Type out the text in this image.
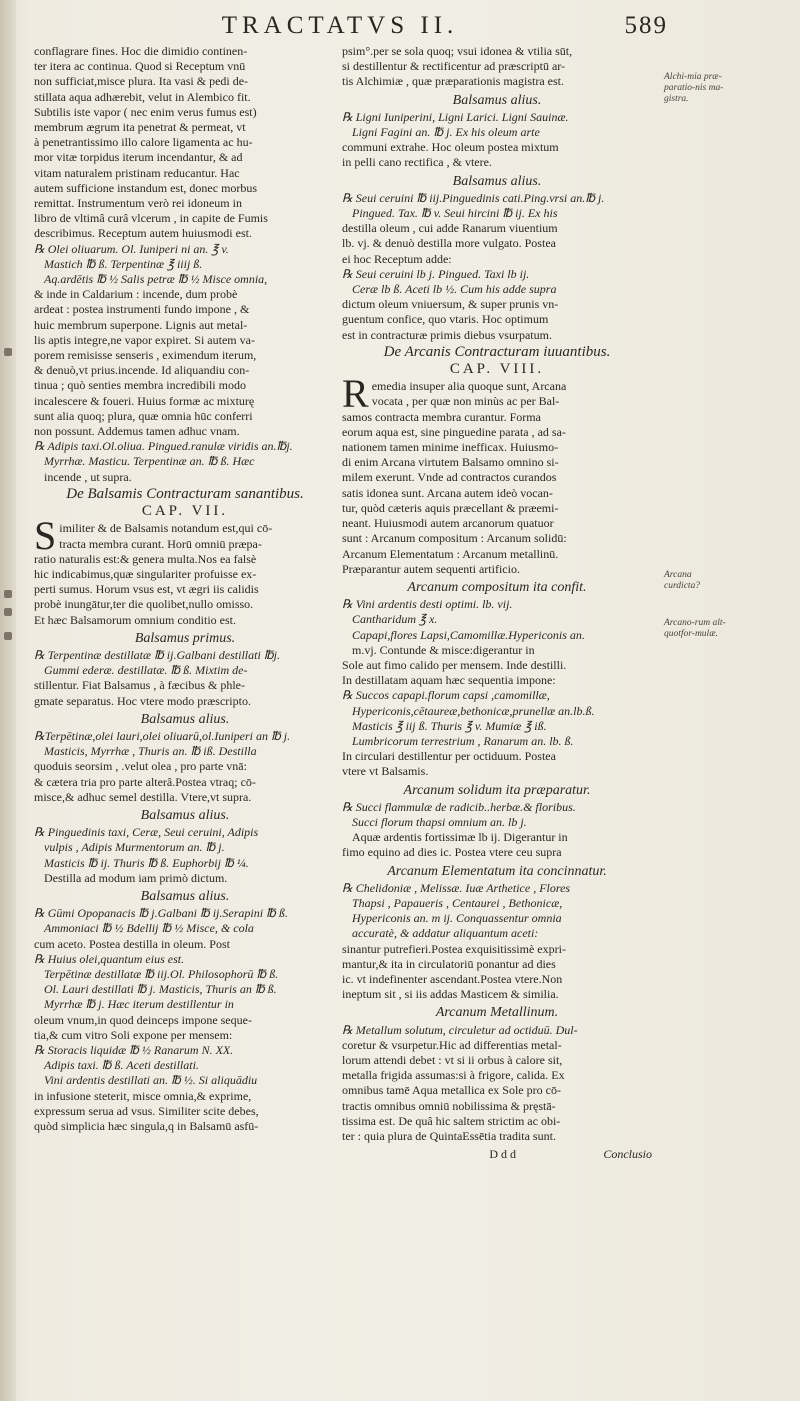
TRACTATVS II.	589

conflagrare fines. Hoc die dimidio continen-

ter itera ac continua. Quod si Receptum vnū

non sufficiat,misce plura. Ita vasi & pedi de-

stillata aqua adhærebit, velut in Alembico fit.

Subtilis iste vapor ( nec enim verus fumus est)

membrum ægrum ita penetrat & permeat, vt

à penetrantissimo illo calore ligamenta ac hu-

mor vitæ torpidus iterum incendantur, & ad

vitam naturalem pristinam reducantur. Hac

autem sufficione instandum est, donec morbus

remittat. Instrumentum verò rei idoneum in

libro de vltimâ curâ vlcerum , in capite de Fumis

describimus. Receptum autem huiusmodi est.

℞ Olei oliuarum. Ol. Iuniperi ni an. ℥ v.

Mastich ℔ ß. Terpentinæ ℥ iiij ß.

Aq.ardētis ℔ ½ Salis petræ ℔ ½ Misce omnia,

& inde in Caldarium : incende, dum probè

ardeat : postea instrumenti fundo impone , &

huic membrum superpone. Lignis aut metal-

lis aptis integre,ne vapor expiret. Si autem va-

porem remisisse senseris , eximendum iterum,

& denuò,vt prius.incende. Id aliquandiu con-

tinua ; quò senties membra incredibili modo

incalescere & foueri. Huius formæ ac mixturę

sunt alia quoq; plura, quæ omnia hūc conferri

non possunt. Addemus tamen adhuc vnam.

℞ Adipis taxi.Ol.oliua. Pingued.ranulæ viridis an.℔j.

Myrrhæ. Masticu. Terpentinæ an. ℔ ß. Hæc

incende , ut supra.

De Balsamis Contracturam sanantibus.

CAP. VII.

Similiter & de Balsamis notandum est,qui cō-

tracta membra curant. Horū omniū præpa-

ratio naturalis est:& genera multa.Nos ea falsè

hic indicabimus,quæ singulariter profuisse ex-

perti sumus. Horum vsus est, vt ægri iis calidis

probè inungātur,ter die quolibet,nullo omisso.

Et hæc Balsamorum omnium conditio est.

Balsamus primus.

℞ Terpentinæ destillatæ ℔ ij.Galbani destillati ℔j.

Gummi ederæ. destillatæ. ℔ ß. Mixtim de-

stillentur. Fiat Balsamus , à fæcibus & phle-

gmate separatus. Hoc vtere modo præscripto.

Balsamus alius.

℞Terpētinæ,olei lauri,olei oliuarū,ol.Iuniperi an ℔ j.

Masticis, Myrrhæ , Thuris an. ℔ iß. Destilla

quoduis seorsim , .velut olea , pro parte vnā:

& cætera tria pro parte alterâ.Postea vtraq; cō-

misce,& adhuc semel destilla. Vtere,vt supra.

Balsamus alius.

℞ Pinguedinis taxi, Ceræ, Seui ceruini, Adipis

vulpis , Adipis Murmentorum an. ℔ j.

Masticis ℔ ij. Thuris ℔ ß. Euphorbij ℔ ¼.

Destilla ad modum iam primò dictum.

Balsamus alius.

℞ Gūmi Opopanacis ℔ j.Galbani ℔ ij.Serapini ℔ ß.

Ammoniaci ℔ ½ Bdellij ℔ ½ Misce, & cola

cum aceto. Postea destilla in oleum. Post

℞ Huius olei,quantum eius est.

Terpētinæ destillatæ ℔ iij.Ol. Philosophorū ℔ ß.

Ol. Lauri destillati ℔ j. Masticis, Thuris an ℔ ß.

Myrrhæ ℔ j. Hæc iterum destillentur in

oleum vnum,in quod deinceps impone seque-

tia,& cum vitro Soli expone per mensem:

℞ Storacis liquidæ ℔ ½ Ranarum N. XX.

Adipis taxi. ℔ ß. Aceti destillati.

Vini ardentis destillati an. ℔ ½. Si aliquādiu

in infusione steterit, misce omnia,& exprime,

expressum serua ad vsus. Similiter scite debes,

quòd simplicia hæc singula,q in Balsamū asfū-

psim°.per se sola quoq; vsui idonea & vtilia sūt,

si destillentur & rectificentur ad præscriptū ar-

tis Alchimiæ , quæ præparationis magistra est.

Balsamus alius.

℞ Ligni Iuniperini, Ligni Larici. Ligni Sauinæ.

Ligni Fagini an. ℔ j. Ex his oleum arte

communi extrahe. Hoc oleum postea mixtum

in pelli cano rectifica , & vtere.

Balsamus alius.

℞ Seui ceruini ℔ iij.Pinguedinis cati.Ping.vrsi an.℔ j.

Pingued. Tax. ℔ v. Seui hircini ℔ ij. Ex his

destilla oleum , cui adde Ranarum viuentium

lb. vj. & denuò destilla more vulgato. Postea

ei hoc Receptum adde:

℞ Seui ceruini lb j. Pingued. Taxi lb ij.

Ceræ lb ß. Aceti lb ½. Cum his adde supra

dictum oleum vniuersum, & super prunis vn-

guentum confice, quo vtaris. Hoc optimum

est in contracturæ primis diebus vsurpatum.

De Arcanis Contracturam iuuantibus.

CAP. VIII.

Remedia insuper alia quoque sunt, Arcana

vocata , per quæ non minùs ac per Bal-

samos contracta membra curantur. Forma

eorum aqua est, sine pinguedine parata , ad sa-

nationem tamen minime inefficax. Huiusmo-

di enim Arcana virtutem Balsamo omnino si-

milem exerunt. Vnde ad contractos curandos

satis idonea sunt. Arcana autem ideò vocan-

tur, quòd cæteris aquis præcellant & præemi-

neant. Huiusmodi autem arcanorum quatuor

sunt : Arcanum compositum : Arcanum solidū:

Arcanum Elementatum : Arcanum metallinū.

Præparantur autem sequenti artificio.

Arcanum compositum ita confit.

℞ Vini ardentis desti optimi. lb. vij.

Cantharidum ℥ x.

Capapi,flores Lapsi,Camomillæ.Hypericonis an.

m.vj. Contunde & misce:digerantur in

Sole aut fimo calido per mensem. Inde destilli.

In destillatam aquam hæc sequentia impone:

℞ Succos capapi.florum capsi ,camomillæ,

Hypericonis,cētaureæ,bethonicæ,prunellæ an.lb.ß.

Masticis ℥ iij ß. Thuris ℥ v. Mumiæ ℥ iß.

Lumbricorum terrestrium , Ranarum an. lb. ß.

In circulari destillentur per octiduum. Postea

vtere vt Balsamis.

Arcanum solidum ita præparatur.

℞ Succi flammulæ de radicib..herbæ.& floribus.

Succi florum thapsi omnium an. lb j.

Aquæ ardentis fortissimæ lb ij. Digerantur in

fimo equino ad dies ic. Postea vtere ceu supra

Arcanum Elementatum ita concinnatur.

℞ Chelidoniæ , Melissæ. Iuæ Arthetice , Flores

Thapsi , Papaueris , Centaurei , Bethonicæ,

Hypericonis an. m ij. Conquassentur omnia

accuratè, & addatur aliquantum aceti:

sinantur putrefieri.Postea exquisitissimè expri-

mantur,& ita in circulatoriū ponantur ad dies

ic. vt indefinenter ascendant.Postea vtere.Non

ineptum sit , si iis addas Masticem & similia.

Arcanum Metallinum.

℞ Metallum solutum, circuletur ad octiduū. Dul-

coretur & vsurpetur.Hic ad differentias metal-

lorum attendi debet : vt si ii orbus à calore sit,

metalla frigida assumas:si à frigore, calida. Ex

omnibus tamē Aqua metallica ex Sole pro cō-

tractis omnibus omniū nobilissima & pręstā-

tissima est. De quâ hic saltem strictim ac obi-

ter : quia plura de QuintaEssētia tradita sunt.

D d d	Conclusio
Alchi-mia præ-paratio-nis ma-gistra.
Arcana curdicta?
Arcano-rum alt-quotfor-mulæ.
